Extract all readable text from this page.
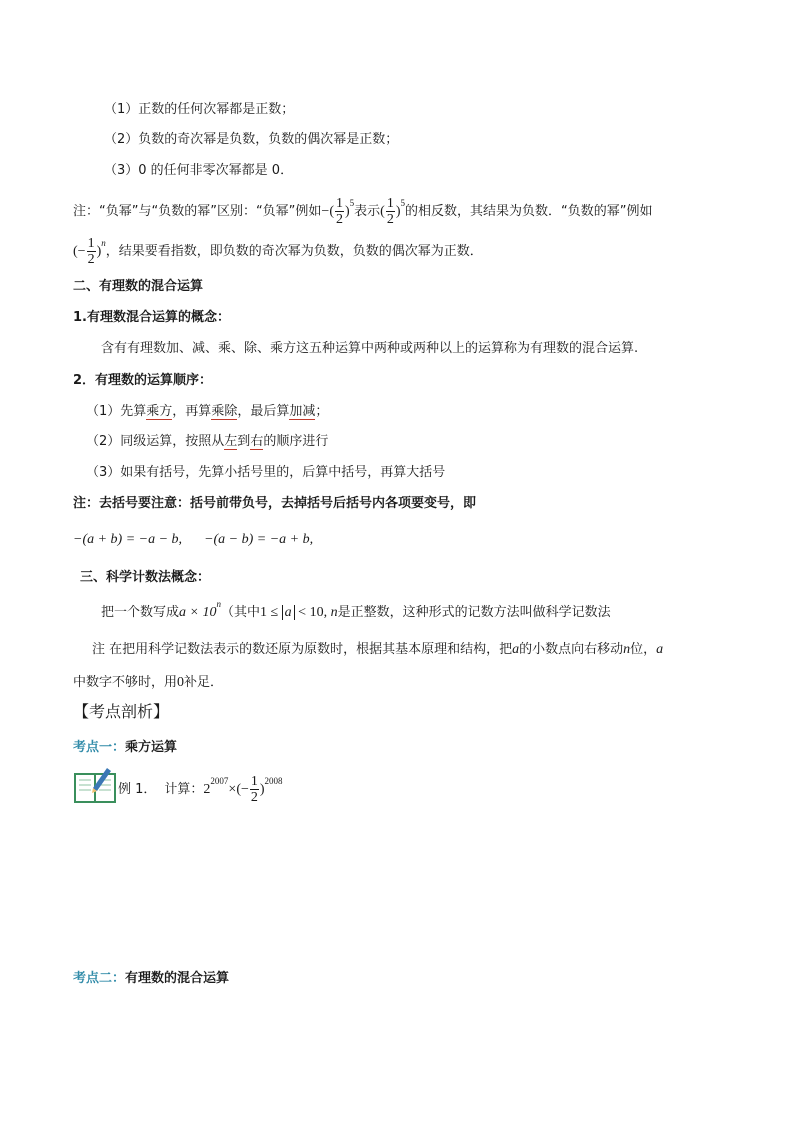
（1）正数的任何次幂都是正数；
（2）负数的奇次幂是负数，负数的偶次幂是正数；
（3）0 的任何非零次幂都是 0．
注：“负幂”与“负数的幂”区别：“负幂”例如−( $\frac{1}{2} )^5$表示( $\frac{1}{2} )^5$的相反数，其结果为负数．“负数的幂”例如
(− $\frac{1}{2} )^n$，结果要看指数，即负数的奇次幂为负数，负数的偶次幂为正数．
二、有理数的混合运算
1.有理数混合运算的概念：
含有有理数加、减、乘、除、乘方这五种运算中两种或两种以上的运算称为有理数的混合运算.
2．有理数的运算顺序：
（1）先算乘方，再算乘除，最后算加减；
（2）同级运算，按照从左到右的顺序进行
（3）如果有括号，先算小括号里的，后算中括号，再算大括号
注：去括号要注意：括号前带负号，去掉括号后括号内各项要变号，即
−(a + b) = −a − b, −(a − b) = −a + b,
三、科学计数法概念：
把一个数写成$a \times 10^n$（其中1 ≤ a < 10, n是正整数，这种形式的记数方法叫做科学记数法
注 在把用科学记数法表示的数还原为原数时，根据其基本原理和结构，把a的小数点向右移动n位，a
中数字不够时，用0补足．
【考点剖析】
考点一：乘方运算
例 1． 计算：$2^{2007}\times(- \frac{1}{2} )^{2008}$
考点二：有理数的混合运算
